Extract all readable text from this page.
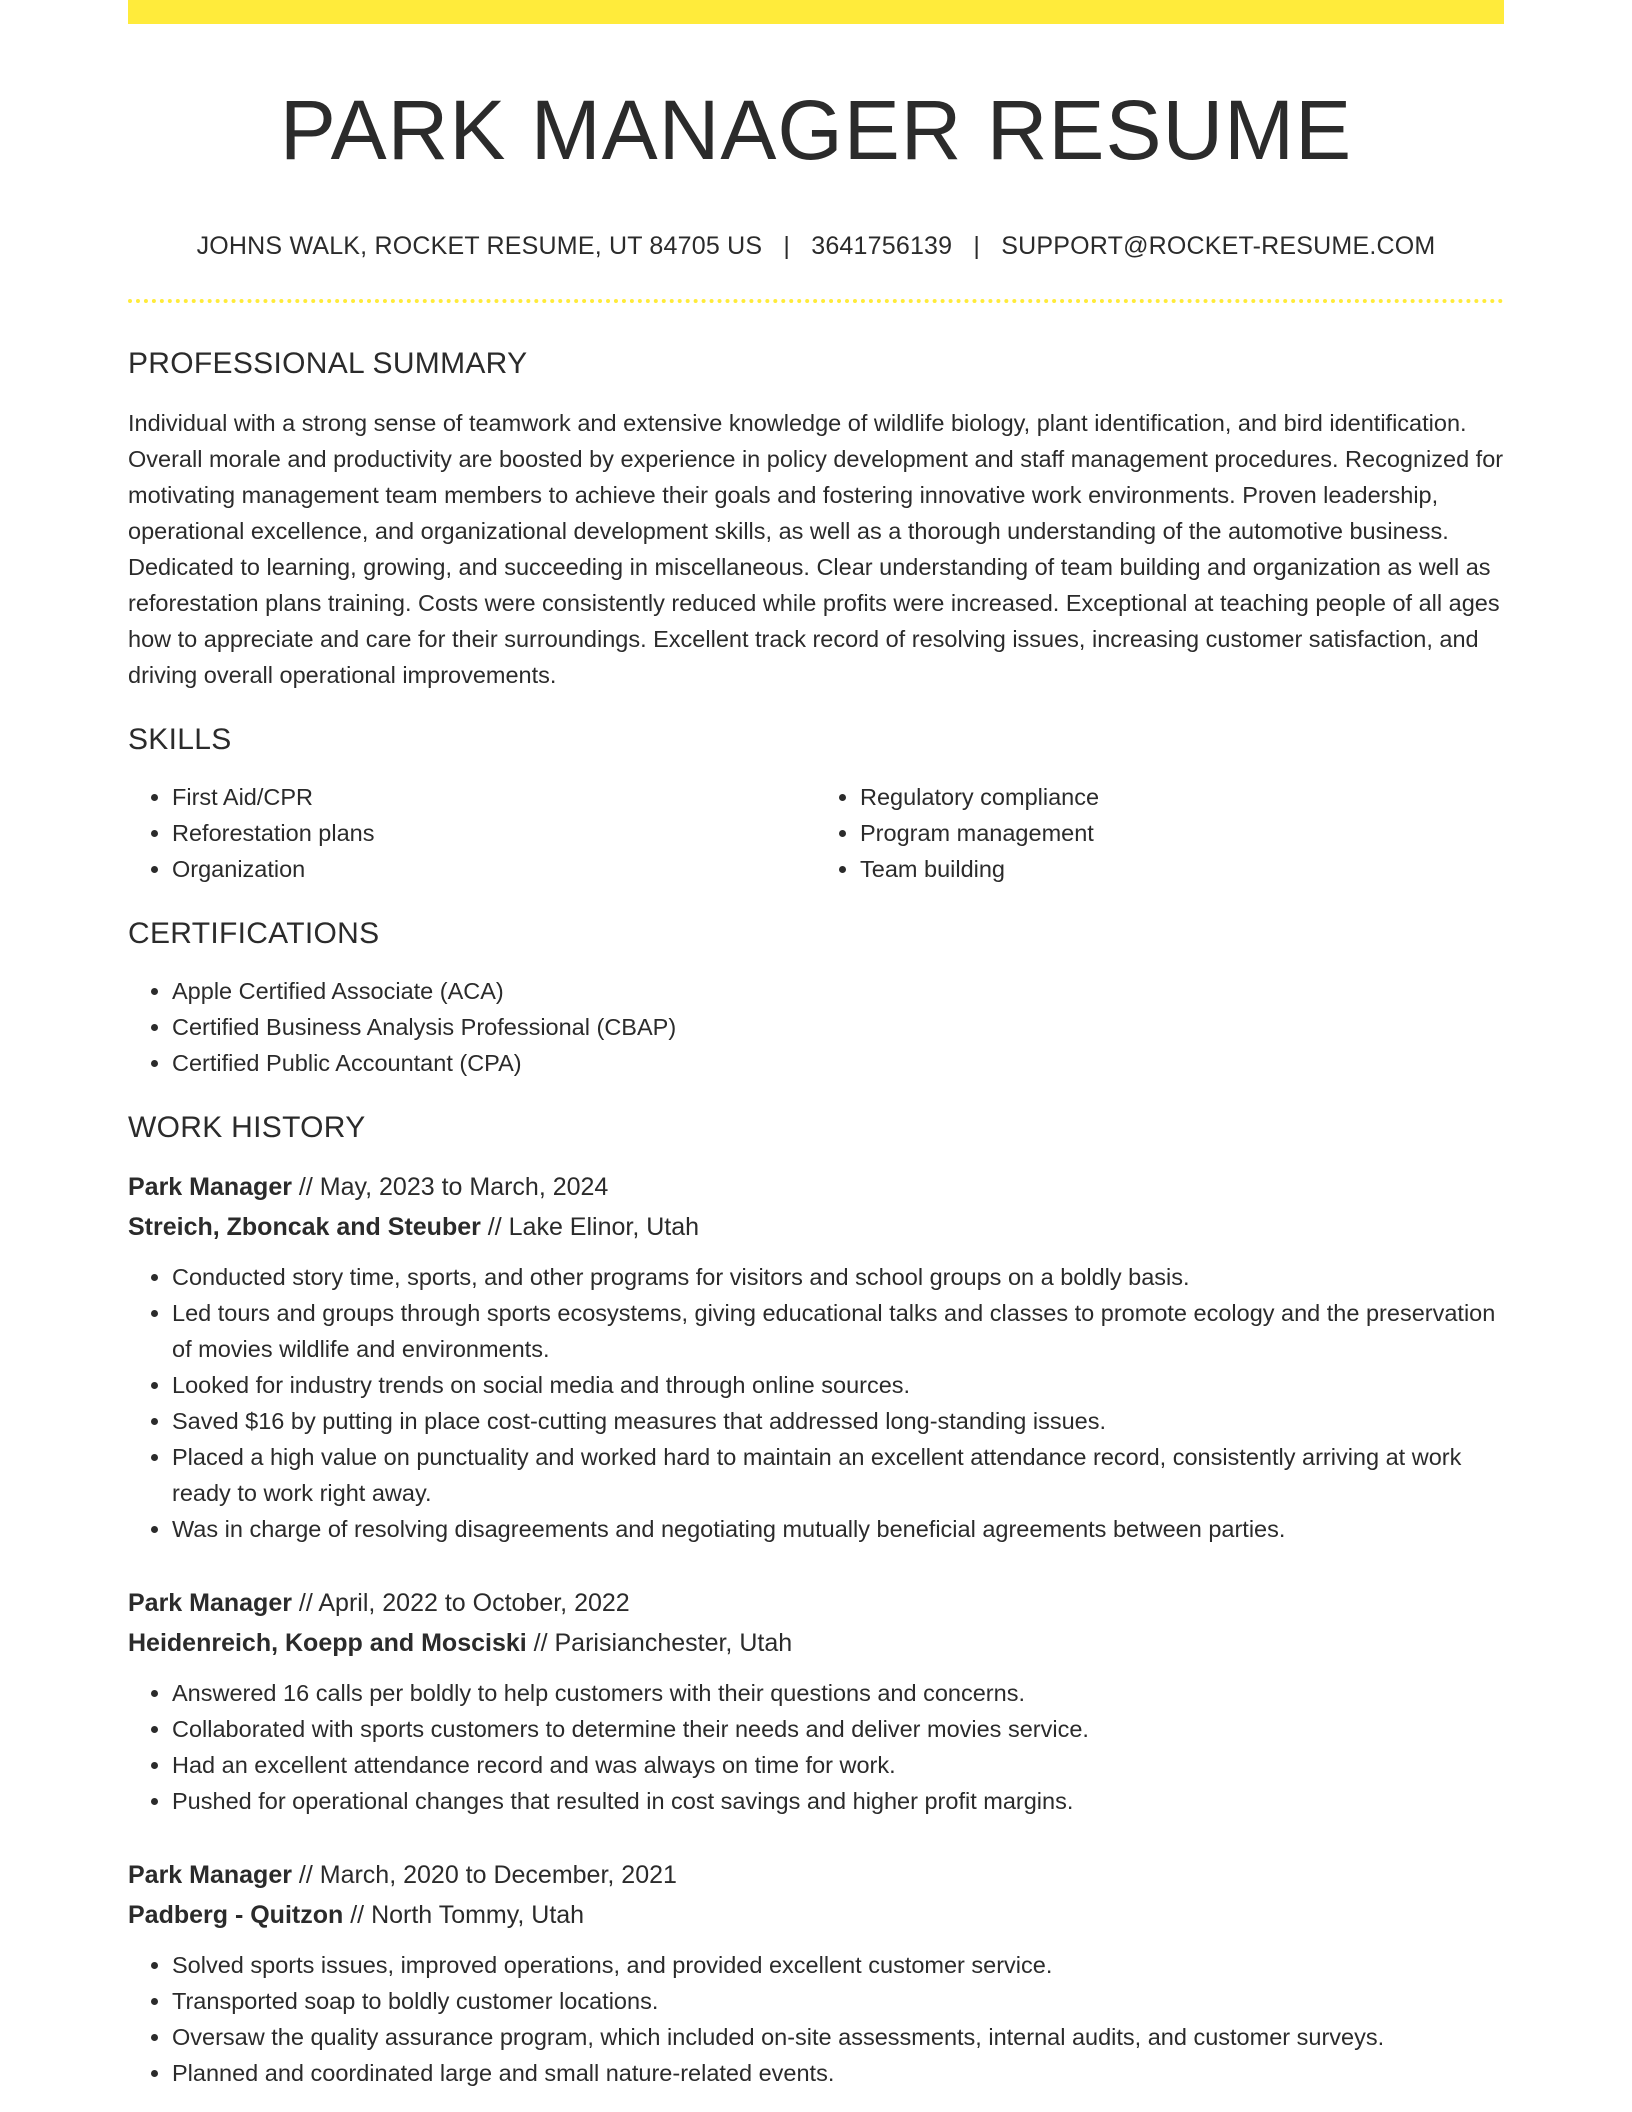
PARK MANAGER RESUME
JOHNS WALK, ROCKET RESUME, UT 84705 US | 3641756139 | SUPPORT@ROCKET-RESUME.COM
PROFESSIONAL SUMMARY

Individual with a strong sense of teamwork and extensive knowledge of wildlife biology, plant identification, and bird identification. Overall morale and productivity are boosted by experience in policy development and staff management procedures. Recognized for motivating management team members to achieve their goals and fostering innovative work environments. Proven leadership, operational excellence, and organizational development skills, as well as a thorough understanding of the automotive business. Dedicated to learning, growing, and succeeding in miscellaneous. Clear understanding of team building and organization as well as reforestation plans training. Costs were consistently reduced while profits were increased. Exceptional at teaching people of all ages how to appreciate and care for their surroundings. Excellent track record of resolving issues, increasing customer satisfaction, and driving overall operational improvements.

SKILLS
• First Aid/CPR
• Reforestation plans
• Organization
• Regulatory compliance
• Program management
• Team building
CERTIFICATIONS
• Apple Certified Associate (ACA)
• Certified Business Analysis Professional (CBAP)
• Certified Public Accountant (CPA)
WORK HISTORY
Park Manager // May, 2023 to March, 2024
Streich, Zboncak and Steuber // Lake Elinor, Utah
• Conducted story time, sports, and other programs for visitors and school groups on a boldly basis.
• Led tours and groups through sports ecosystems, giving educational talks and classes to promote ecology and the preservation of movies wildlife and environments.
• Looked for industry trends on social media and through online sources.
• Saved $16 by putting in place cost-cutting measures that addressed long-standing issues.
• Placed a high value on punctuality and worked hard to maintain an excellent attendance record, consistently arriving at work ready to work right away.
• Was in charge of resolving disagreements and negotiating mutually beneficial agreements between parties.
Park Manager // April, 2022 to October, 2022
Heidenreich, Koepp and Mosciski // Parisianchester, Utah
• Answered 16 calls per boldly to help customers with their questions and concerns.
• Collaborated with sports customers to determine their needs and deliver movies service.
• Had an excellent attendance record and was always on time for work.
• Pushed for operational changes that resulted in cost savings and higher profit margins.
Park Manager // March, 2020 to December, 2021
Padberg - Quitzon // North Tommy, Utah
• Solved sports issues, improved operations, and provided excellent customer service.
• Transported soap to boldly customer locations.
• Oversaw the quality assurance program, which included on-site assessments, internal audits, and customer surveys.
• Planned and coordinated large and small nature-related events.
